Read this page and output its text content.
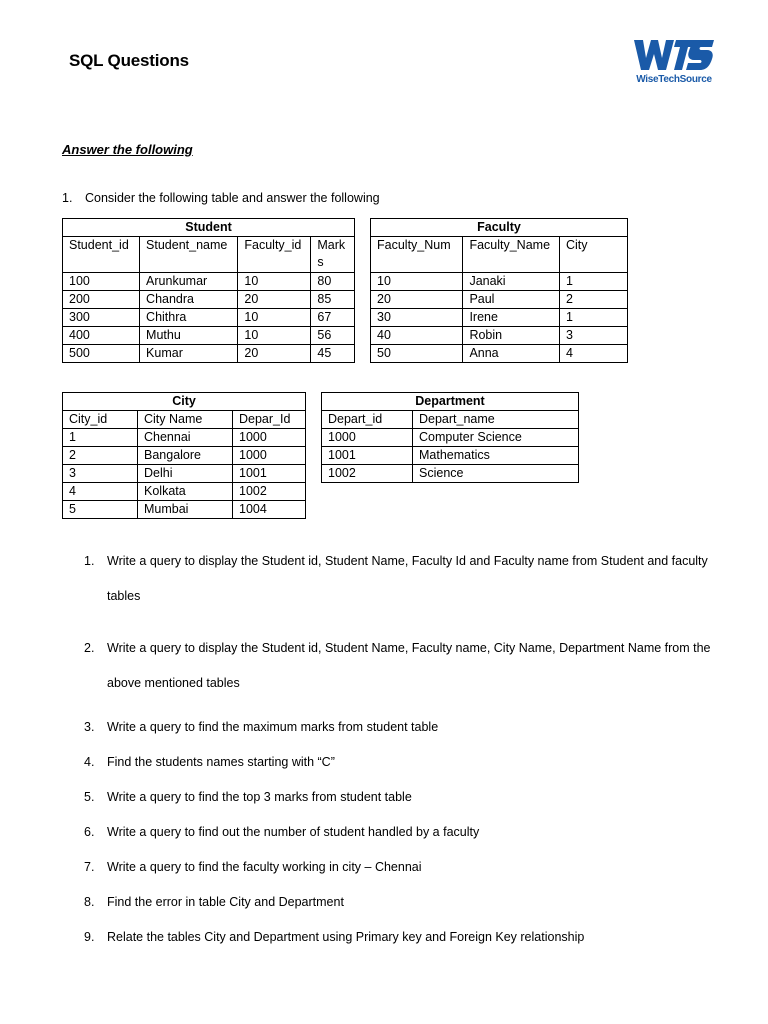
SQL Questions
WiseTechSource
Answer the following
1. Consider the following table and answer the following
Student			
Student_id	Student_name	Faculty_id	Mark s
100	Arunkumar	10	80
200	Chandra	20	85
300	Chithra	10	67
400	Muthu	10	56
500	Kumar	20	45
Faculty		
Faculty_Num	Faculty_Name	City
10	Janaki	1
20	Paul	2
30	Irene	1
40	Robin	3
50	Anna	4
City		
City_id	City Name	Depar_Id
1	Chennai	1000
2	Bangalore	1000
3	Delhi	1001
4	Kolkata	1002
5	Mumbai	1004
Department	
Depart_id	Depart_name
1000	Computer Science
1001	Mathematics
1002	Science
1. Write a query to display the Student id, Student Name, Faculty Id and Faculty name from Student and faculty tables
2. Write a query to display the Student id, Student Name, Faculty name, City Name, Department Name from the above mentioned tables
3. Write a query to find the maximum marks from student table
4. Find the students names starting with “C”
5. Write a query to find the top 3 marks from student table
6. Write a query to find out the number of student handled by a faculty
7. Write a query to find the faculty working in city – Chennai
8. Find the error in table City and Department
9. Relate the tables City and Department using Primary key and Foreign Key relationship
